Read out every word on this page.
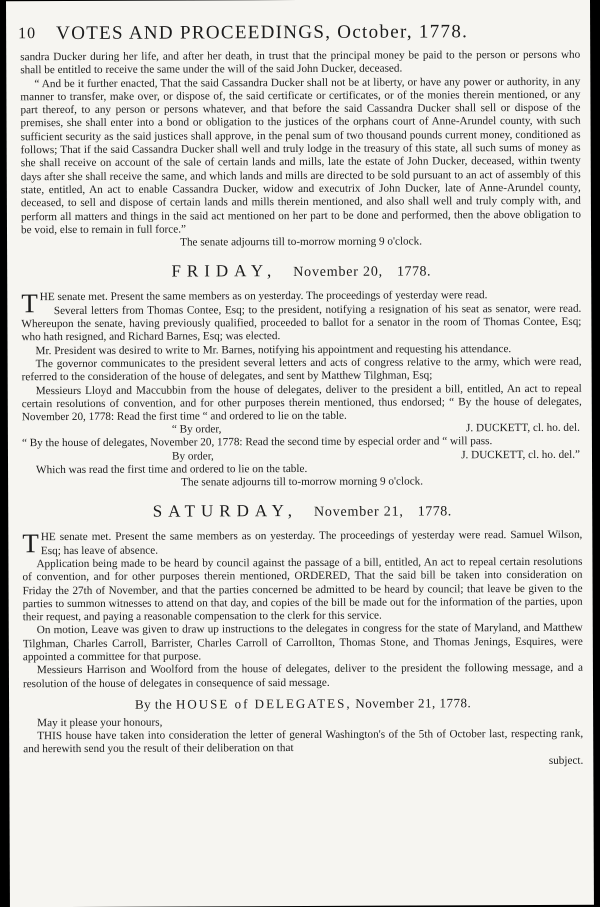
10 VOTES AND PROCEEDINGS, October, 1778.

sandra Ducker during her life, and after her death, in trust that the principal money be paid to the person or persons who shall be entitled to receive the same under the will of the said John Ducker, deceased.

“ And be it further enacted, That the said Cassandra Ducker shall not be at liberty, or have any power or authority, in any manner to transfer, make over, or dispose of, the said certificate or certificates, or of the monies therein mentioned, or any part thereof, to any person or persons whatever, and that before the said Cassandra Ducker shall sell or dispose of the premises, she shall enter into a bond or obligation to the justices of the orphans court of Anne-Arundel county, with such sufficient security as the said justices shall approve, in the penal sum of two thousand pounds current money, conditioned as follows; That if the said Cassandra Ducker shall well and truly lodge in the treasury of this state, all such sums of money as she shall receive on account of the sale of certain lands and mills, late the estate of John Ducker, deceased, within twenty days after she shall receive the same, and which lands and mills are directed to be sold pursuant to an act of assembly of this state, entitled, An act to enable Cassandra Ducker, widow and executrix of John Ducker, late of Anne-Arundel county, deceased, to sell and dispose of certain lands and mills therein mentioned, and also shall well and truly comply with, and perform all matters and things in the said act mentioned on her part to be done and performed, then the above obligation to be void, else to remain in full force.”

The senate adjourns till to-morrow morning 9 o'clock.

FRIDAY, November 20, 1778.

THE senate met. Present the same members as on yesterday. The proceedings of yesterday were read.

Several letters from Thomas Contee, Esq; to the president, notifying a resignation of his seat as senator, were read. Whereupon the senate, having previously qualified, proceeded to ballot for a senator in the room of Thomas Contee, Esq; who hath resigned, and Richard Barnes, Esq; was elected.

Mr. President was desired to write to Mr. Barnes, notifying his appointment and requesting his attendance.

The governor communicates to the president several letters and acts of congress relative to the army, which were read, referred to the consideration of the house of delegates, and sent by Matthew Tilghman, Esq;

Messieurs Lloyd and Maccubbin from the house of delegates, deliver to the president a bill, entitled, An act to repeal certain resolutions of convention, and for other purposes therein mentioned, thus endorsed; “ By the house of delegates, November 20, 1778: Read the first time “ and ordered to lie on the table.

“ By order,	J. DUCKETT, cl. ho. del.

“ By the house of delegates, November 20, 1778: Read the second time by especial order and “ will pass.

By order,	J. DUCKETT, cl. ho. del.”

Which was read the first time and ordered to lie on the table.

The senate adjourns till to-morrow morning 9 o'clock.

SATURDAY, November 21, 1778.

THE senate met. Present the same members as on yesterday. The proceedings of yesterday were read. Samuel Wilson, Esq; has leave of absence.

Application being made to be heard by council against the passage of a bill, entitled, An act to repeal certain resolutions of convention, and for other purposes therein mentioned, ORDERED, That the said bill be taken into consideration on Friday the 27th of November, and that the parties concerned be admitted to be heard by council; that leave be given to the parties to summon witnesses to attend on that day, and copies of the bill be made out for the information of the parties, upon their request, and paying a reasonable compensation to the clerk for this service.

On motion, Leave was given to draw up instructions to the delegates in congress for the state of Maryland, and Matthew Tilghman, Charles Carroll, Barrister, Charles Carroll of Carrollton, Thomas Stone, and Thomas Jenings, Esquires, were appointed a committee for that purpose.

Messieurs Harrison and Woolford from the house of delegates, deliver to the president the following message, and a resolution of the house of delegates in consequence of said message.

By the HOUSE of DELEGATES, November 21, 1778.

May it please your honours,

THIS house have taken into consideration the letter of general Washington's of the 5th of October last, respecting rank, and herewith send you the result of their deliberation on that

subject.
